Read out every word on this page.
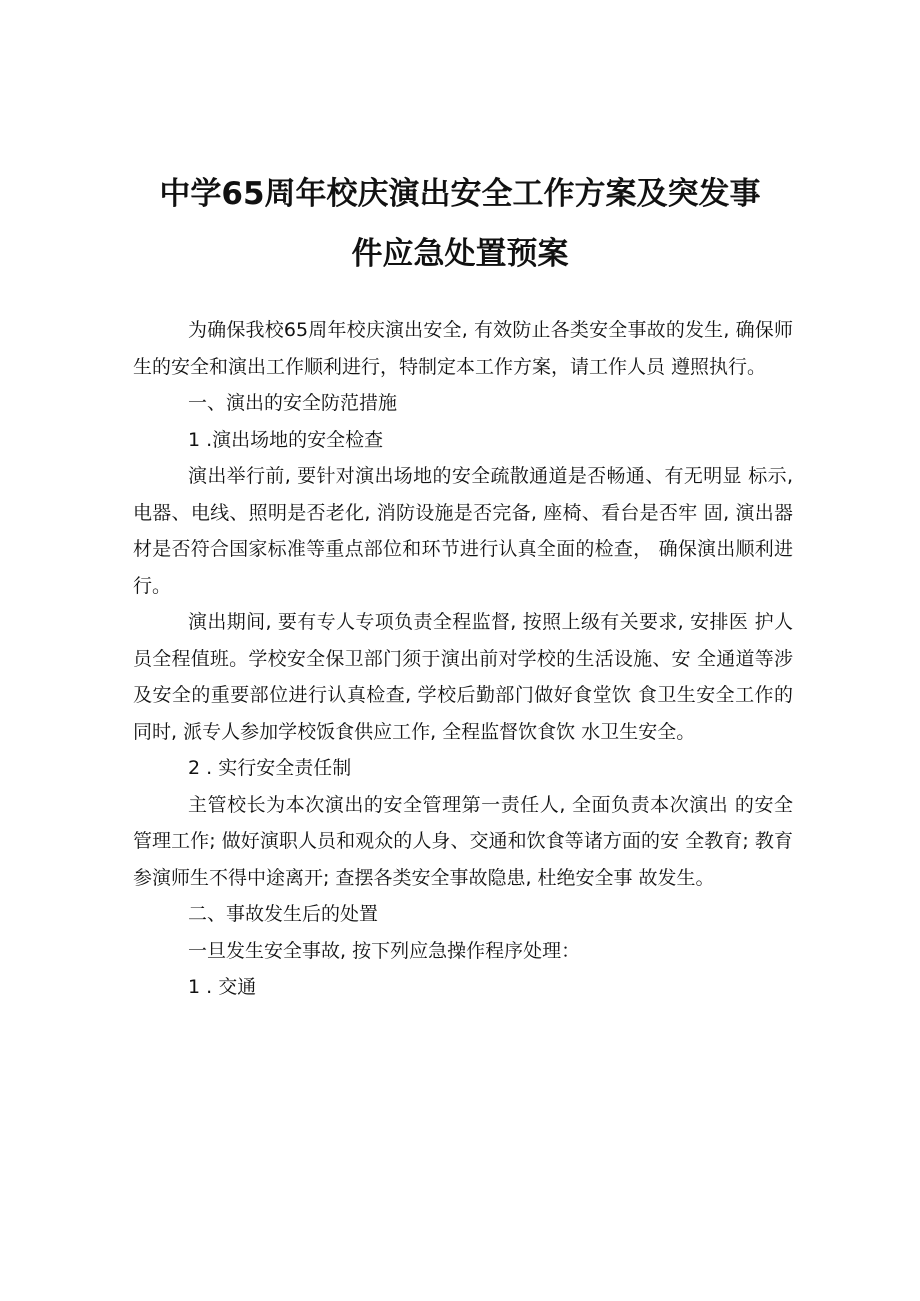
中学65周年校庆演出安全工作方案及突发事
件应急处置预案

为确保我校65周年校庆演出安全, 有效防止各类安全事故的发生, 确保师生的安全和演出工作顺利进行，特制定本工作方案，请工作人员 遵照执行。

一、演出的安全防范措施

1 .演出场地的安全检查

演出举行前, 要针对演出场地的安全疏散通道是否畅通、有无明显 标示, 电器、电线、照明是否老化, 消防设施是否完备, 座椅、看台是否牢 固, 演出器材是否符合国家标准等重点部位和环节进行认真全面的检查， 确保演出顺利进行。

演出期间, 要有专人专项负责全程监督, 按照上级有关要求, 安排医 护人员全程值班。学校安全保卫部门须于演出前对学校的生活设施、安 全通道等涉及安全的重要部位进行认真检查, 学校后勤部门做好食堂饮 食卫生安全工作的同时, 派专人参加学校饭食供应工作, 全程监督饮食饮 水卫生安全。

2 . 实行安全责任制

主管校长为本次演出的安全管理第一责任人, 全面负责本次演出 的安全管理工作; 做好演职人员和观众的人身、交通和饮食等诸方面的安 全教育; 教育参演师生不得中途离开; 查摆各类安全事故隐患, 杜绝安全事 故发生。

二、事故发生后的处置

一旦发生安全事故, 按下列应急操作程序处理：

1 . 交通
